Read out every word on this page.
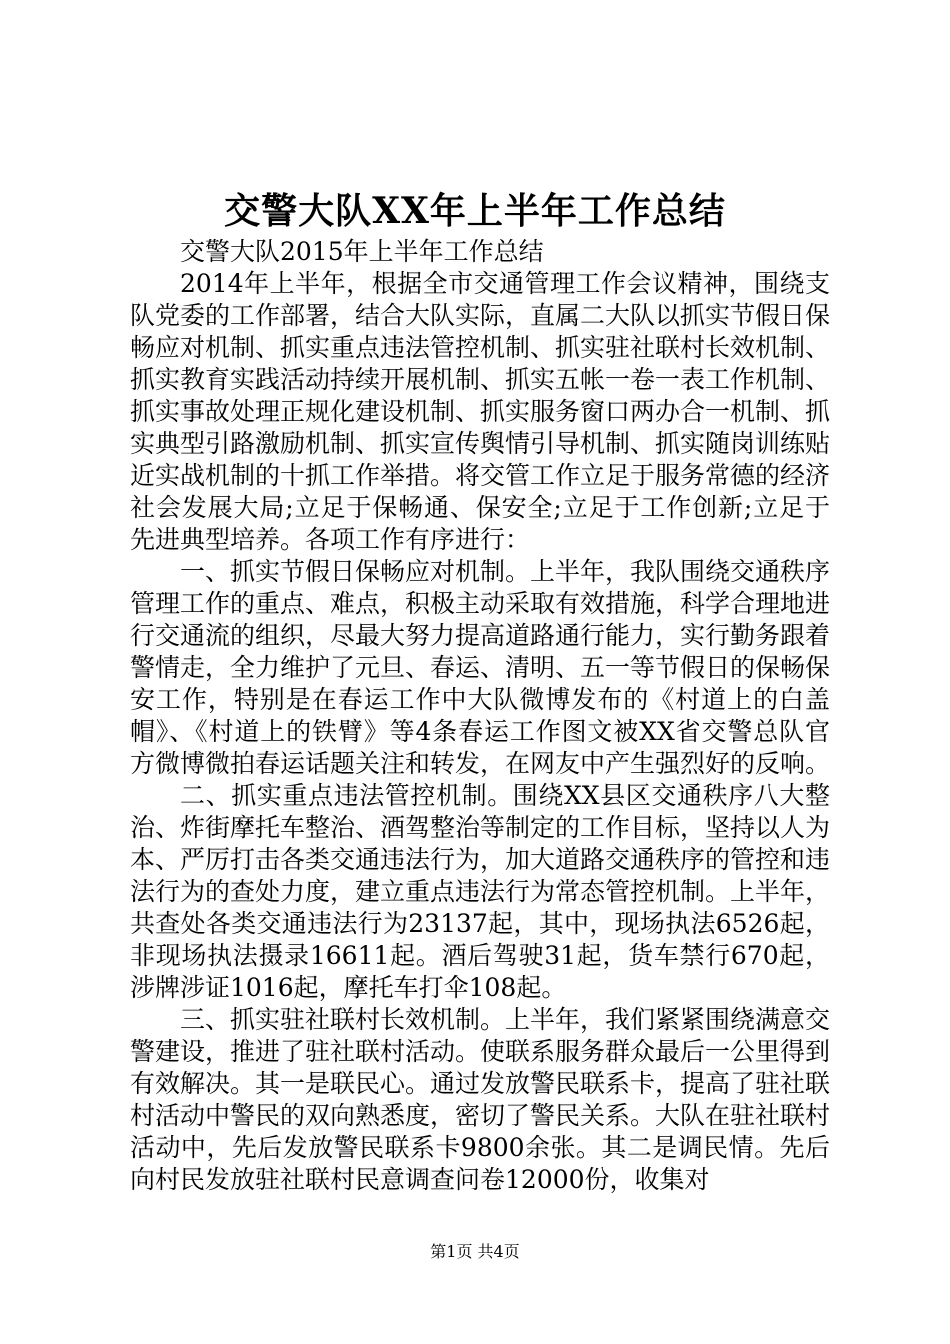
交警大队XX年上半年工作总结

交警大队2015年上半年工作总结

2014年上半年，根据全市交通管理工作会议精神，围绕支队党委的工作部署，结合大队实际，直属二大队以抓实节假日保畅应对机制、抓实重点违法管控机制、抓实驻社联村长效机制、抓实教育实践活动持续开展机制、抓实五帐一卷一表工作机制、抓实事故处理正规化建设机制、抓实服务窗口两办合一机制、抓实典型引路激励机制、抓实宣传舆情引导机制、抓实随岗训练贴近实战机制的十抓工作举措。将交管工作立足于服务常德的经济社会发展大局;立足于保畅通、保安全;立足于工作创新;立足于先进典型培养。各项工作有序进行：

一、抓实节假日保畅应对机制。上半年，我队围绕交通秩序管理工作的重点、难点，积极主动采取有效措施，科学合理地进行交通流的组织，尽最大努力提高道路通行能力，实行勤务跟着警情走，全力维护了元旦、春运、清明、五一等节假日的保畅保安工作，特别是在春运工作中大队微博发布的《村道上的白盖帽》、《村道上的铁臂》等4条春运工作图文被XX省交警总队官方微博微拍春运话题关注和转发，在网友中产生强烈好的反响。

二、抓实重点违法管控机制。围绕XX县区交通秩序八大整治、炸街摩托车整治、酒驾整治等制定的工作目标，坚持以人为本、严厉打击各类交通违法行为，加大道路交通秩序的管控和违法行为的查处力度，建立重点违法行为常态管控机制。上半年，共查处各类交通违法行为23137起，其中，现场执法6526起，非现场执法摄录16611起。酒后驾驶31起，货车禁行670起，涉牌涉证1016起，摩托车打伞108起。

三、抓实驻社联村长效机制。上半年，我们紧紧围绕满意交警建设，推进了驻社联村活动。使联系服务群众最后一公里得到有效解决。其一是联民心。通过发放警民联系卡，提高了驻社联村活动中警民的双向熟悉度，密切了警民关系。大队在驻社联村活动中，先后发放警民联系卡9800余张。其二是调民情。先后向村民发放驻社联村民意调查问卷12000份，收集对

第1页 共4页
